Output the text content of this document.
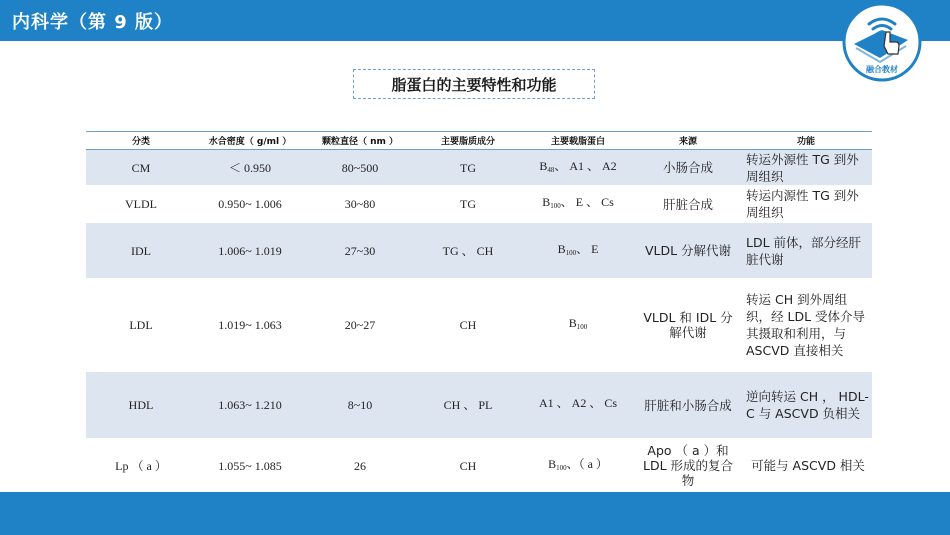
内科学（第 9 版）
融合教材
脂蛋白的主要特性和功能
分类	水合密度（ g/ml ）	颗粒直径（ nm ）	主要脂质成分	主要载脂蛋白	来源	功能
CM	＜ 0.950	80~500	TG	$B_{48}$、 A1 、 A2	小肠合成	转运外源性 TG 到外周组织
VLDL	0.950~ 1.006	30~80	TG	$B_{100}$、 E 、 Cs	肝脏合成	转运内源性 TG 到外周组织
IDL	1.006~ 1.019	27~30	TG 、 CH	$B_{100}$、 E	VLDL 分解代谢	LDL 前体，部分经肝脏代谢
LDL	1.019~ 1.063	20~27	CH	$B_{100}$	VLDL 和 IDL 分解代谢	转运 CH 到外周组织，经 LDL 受体介导其摄取和利用，与 ASCVD 直接相关
HDL	1.063~ 1.210	8~10	CH 、 PL	A1 、 A2 、 Cs	肝脏和小肠合成	逆向转运 CH ， HDL-C 与 ASCVD 负相关
Lp （ a ）	1.055~ 1.085	26	CH	$B_{100}$、（ a ）	Apo （ a ）和 LDL 形成的复合物	可能与 ASCVD 相关
